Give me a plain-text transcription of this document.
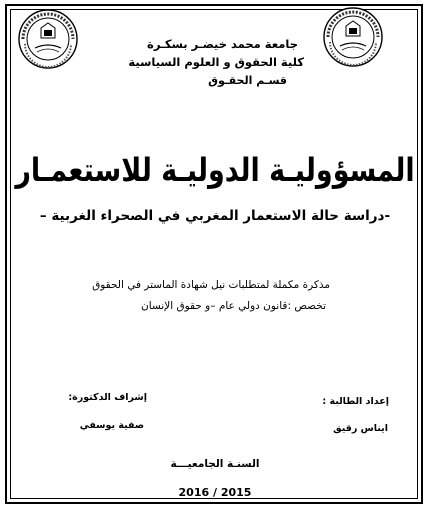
جامعة محمد خيضـر بسكـرة
كلية الحقوق و العلوم السياسية
قسـم الحقـوق
المسؤوليـة الدوليـة للاستعمـار
-دراسة حالة الاستعمار المغربي في الصحراء الغربية –
مذكرة مكملة لمتطلبات نيل شهادة الماستر في الحقوق
تخصص :قانون دولي عام –و حقوق الإنسان
إعداد الطالبة :
ايناس رقيق
إشراف الدكتورة:
صفية يوسفي
السنـة الجامعيـــة
2016 / 2015
